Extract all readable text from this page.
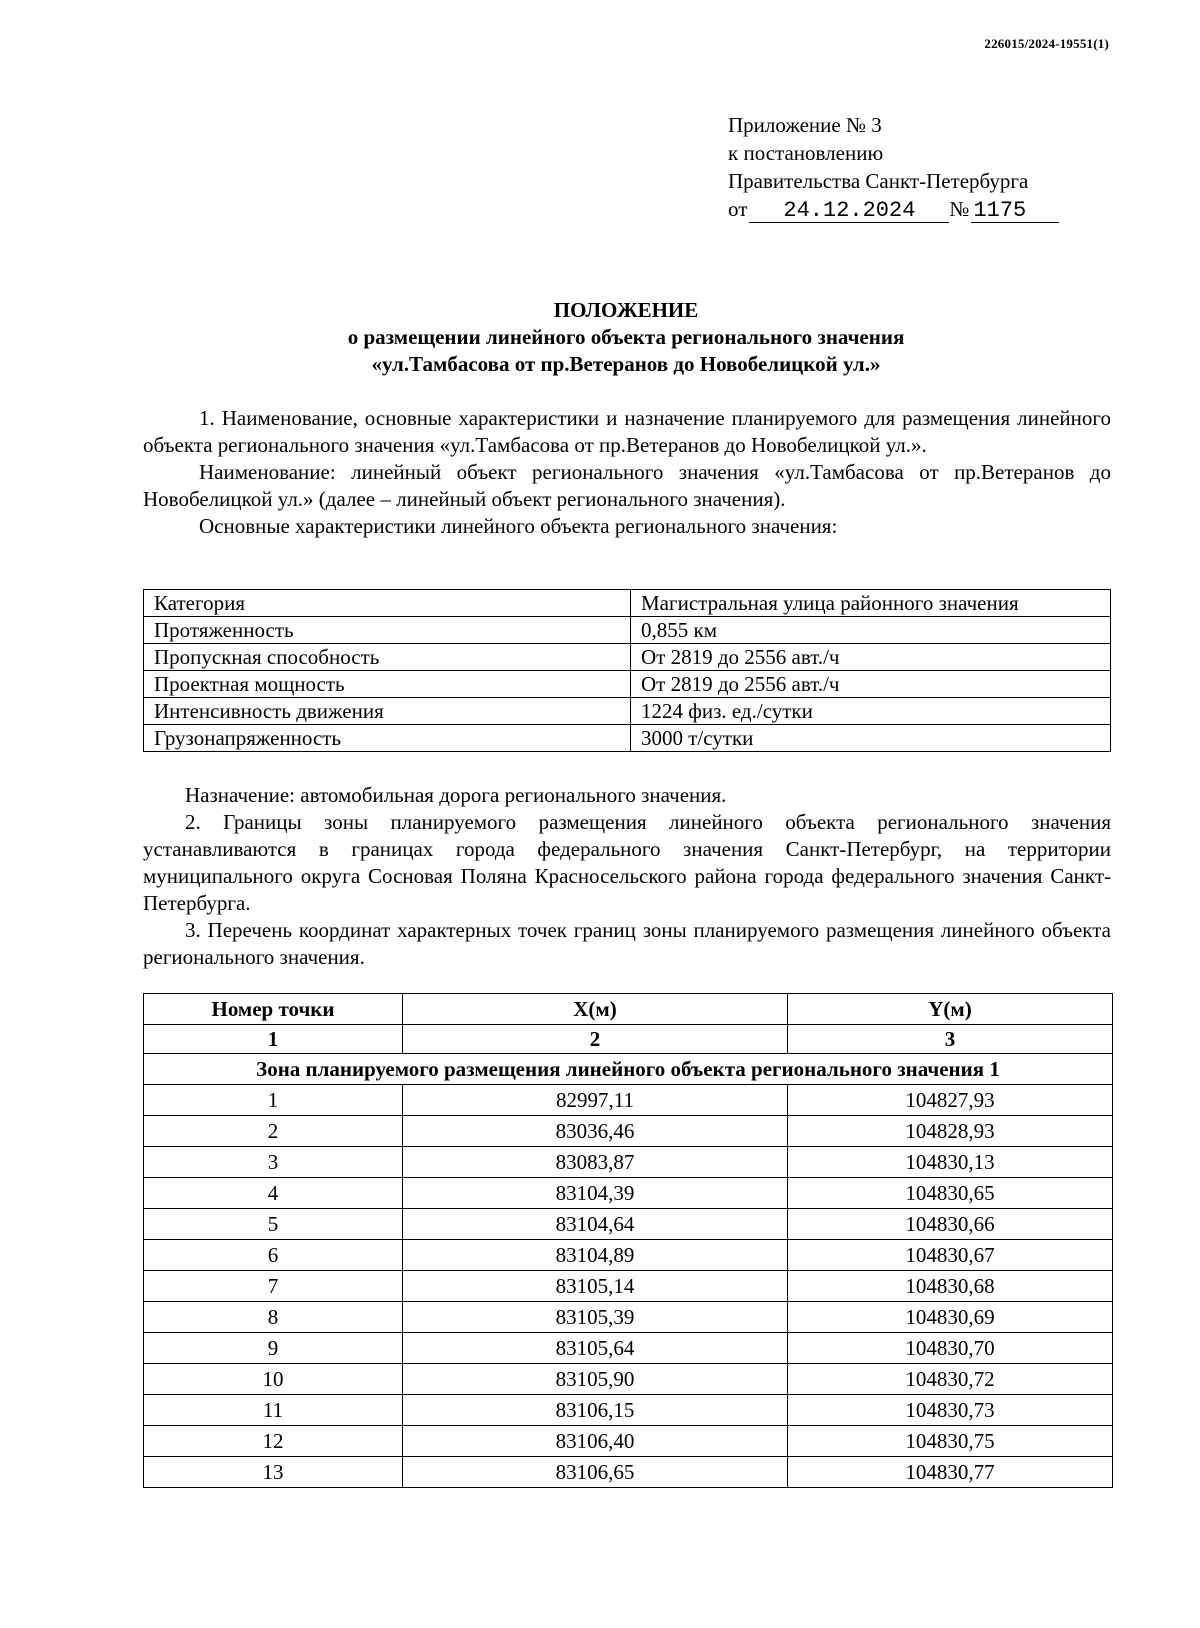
226015/2024-19551(1)
Приложение № 3
к постановлению
Правительства Санкт-Петербурга
от 24.12.2024 № 1175
ПОЛОЖЕНИЕ
о размещении линейного объекта регионального значения
«ул.Тамбасова от пр.Ветеранов до Новобелицкой ул.»

1. Наименование, основные характеристики и назначение планируемого для размещения линейного объекта регионального значения «ул.Тамбасова от пр.Ветеранов до Новобелицкой ул.».

Наименование: линейный объект регионального значения «ул.Тамбасова от пр.Ветеранов до Новобелицкой ул.» (далее – линейный объект регионального значения).

Основные характеристики линейного объекта регионального значения:

Категория	Магистральная улица районного значения
Протяженность	0,855 км
Пропускная способность	От 2819 до 2556 авт./ч
Проектная мощность	От 2819 до 2556 авт./ч
Интенсивность движения	1224 физ. ед./сутки
Грузонапряженность	3000 т/сутки

Назначение: автомобильная дорога регионального значения.

2. Границы зоны планируемого размещения линейного объекта регионального значения устанавливаются в границах города федерального значения Санкт-Петербург, на территории муниципального округа Сосновая Поляна Красносельского района города федерального значения Санкт-Петербурга.

3. Перечень координат характерных точек границ зоны планируемого размещения линейного объекта регионального значения.

Номер точки	X(м)	Y(м)
1	2	3
Зона планируемого размещения линейного объекта регионального значения 1		
1	82997,11	104827,93
2	83036,46	104828,93
3	83083,87	104830,13
4	83104,39	104830,65
5	83104,64	104830,66
6	83104,89	104830,67
7	83105,14	104830,68
8	83105,39	104830,69
9	83105,64	104830,70
10	83105,90	104830,72
11	83106,15	104830,73
12	83106,40	104830,75
13	83106,65	104830,77
